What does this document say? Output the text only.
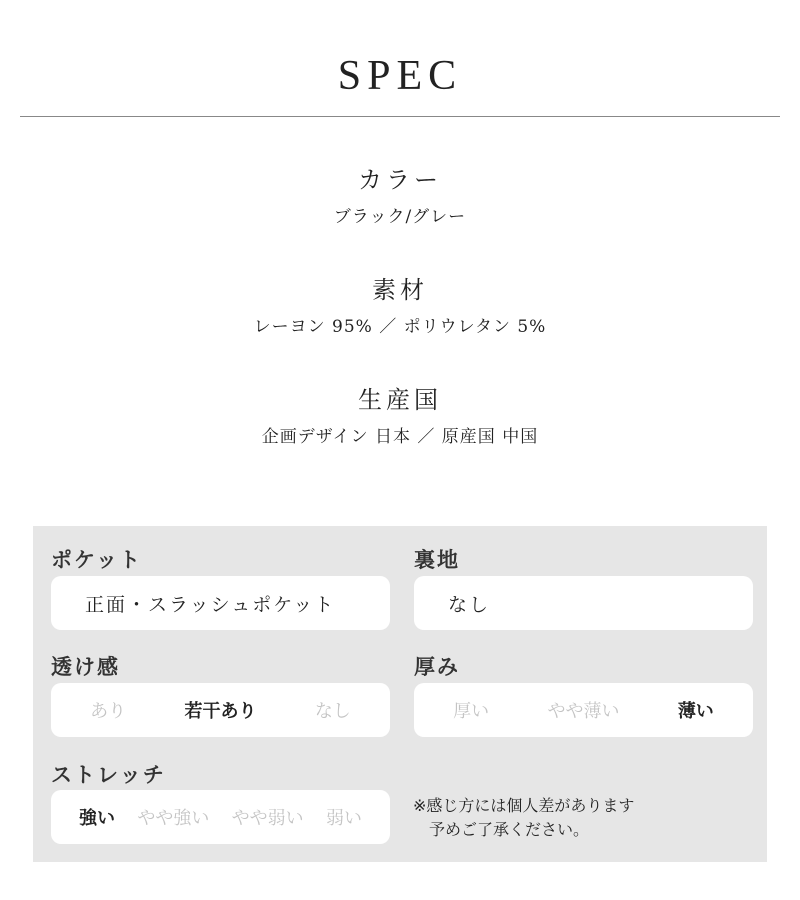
SPEC
カラー
ブラック/グレー
素材
レーヨン 95% ／ ポリウレタン 5%
生産国
企画デザイン 日本 ／ 原産国 中国
ポケット
正面・スラッシュポケット
裏地
なし
透け感
あり	若干あり	なし
厚み
厚い	やや薄い	薄い
ストレッチ
強い やや強い やや弱い 弱い
※感じ方には個人差があります
　予めご了承ください。
